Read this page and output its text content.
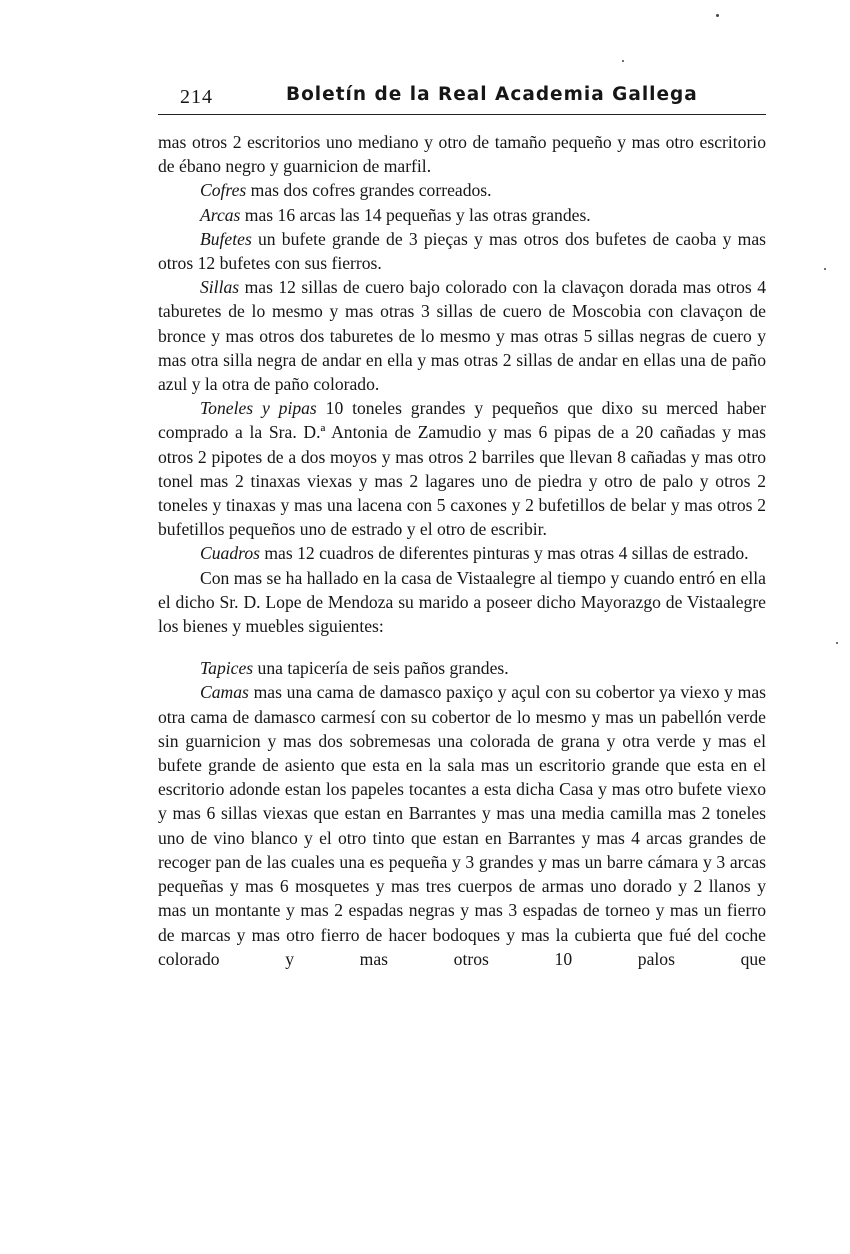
214	Boletín de la Real Academia Gallega

mas otros 2 escritorios uno mediano y otro de tamaño pequeño y mas otro escritorio de ébano negro y guarnicion de marfil.

Cofres mas dos cofres grandes correados.

Arcas mas 16 arcas las 14 pequeñas y las otras grandes.

Bufetes un bufete grande de 3 pieças y mas otros dos bufetes de caoba y mas otros 12 bufetes con sus fierros.

Sillas mas 12 sillas de cuero bajo colorado con la clavaçon dorada mas otros 4 taburetes de lo mesmo y mas otras 3 sillas de cuero de Moscobia con clavaçon de bronce y mas otros dos taburetes de lo mesmo y mas otras 5 sillas negras de cuero y mas otra silla negra de andar en ella y mas otras 2 sillas de andar en ellas una de paño azul y la otra de paño colorado.

Toneles y pipas 10 toneles grandes y pequeños que dixo su merced haber comprado a la Sra. D.ª Antonia de Zamudio y mas 6 pipas de a 20 cañadas y mas otros 2 pipotes de a dos moyos y mas otros 2 barriles que llevan 8 cañadas y mas otro tonel mas 2 tinaxas viexas y mas 2 lagares uno de piedra y otro de palo y otros 2 toneles y tinaxas y mas una lacena con 5 caxones y 2 bufetillos de belar y mas otros 2 bufetillos pequeños uno de estrado y el otro de escribir.

Cuadros mas 12 cuadros de diferentes pinturas y mas otras 4 sillas de estrado.

Con mas se ha hallado en la casa de Vistaalegre al tiempo y cuando entró en ella el dicho Sr. D. Lope de Mendoza su marido a poseer dicho Mayorazgo de Vistaalegre los bienes y muebles siguientes:

Tapices una tapicería de seis paños grandes.

Camas mas una cama de damasco paxiço y açul con su cobertor ya viexo y mas otra cama de damasco carmesí con su cobertor de lo mesmo y mas un pabellón verde sin guarnicion y mas dos sobremesas una colorada de grana y otra verde y mas el bufete grande de asiento que esta en la sala mas un escritorio grande que esta en el escritorio adonde estan los papeles tocantes a esta dicha Casa y mas otro bufete viexo y mas 6 sillas viexas que estan en Barrantes y mas una media camilla mas 2 toneles uno de vino blanco y el otro tinto que estan en Barrantes y mas 4 arcas grandes de recoger pan de las cuales una es pequeña y 3 grandes y mas un barre cámara y 3 arcas pequeñas y mas 6 mosquetes y mas tres cuerpos de armas uno dorado y 2 llanos y mas un montante y mas 2 espadas negras y mas 3 espadas de torneo y mas un fierro de marcas y mas otro fierro de hacer bodoques y mas la cubierta que fué del coche colorado y mas otros 10 palos que
